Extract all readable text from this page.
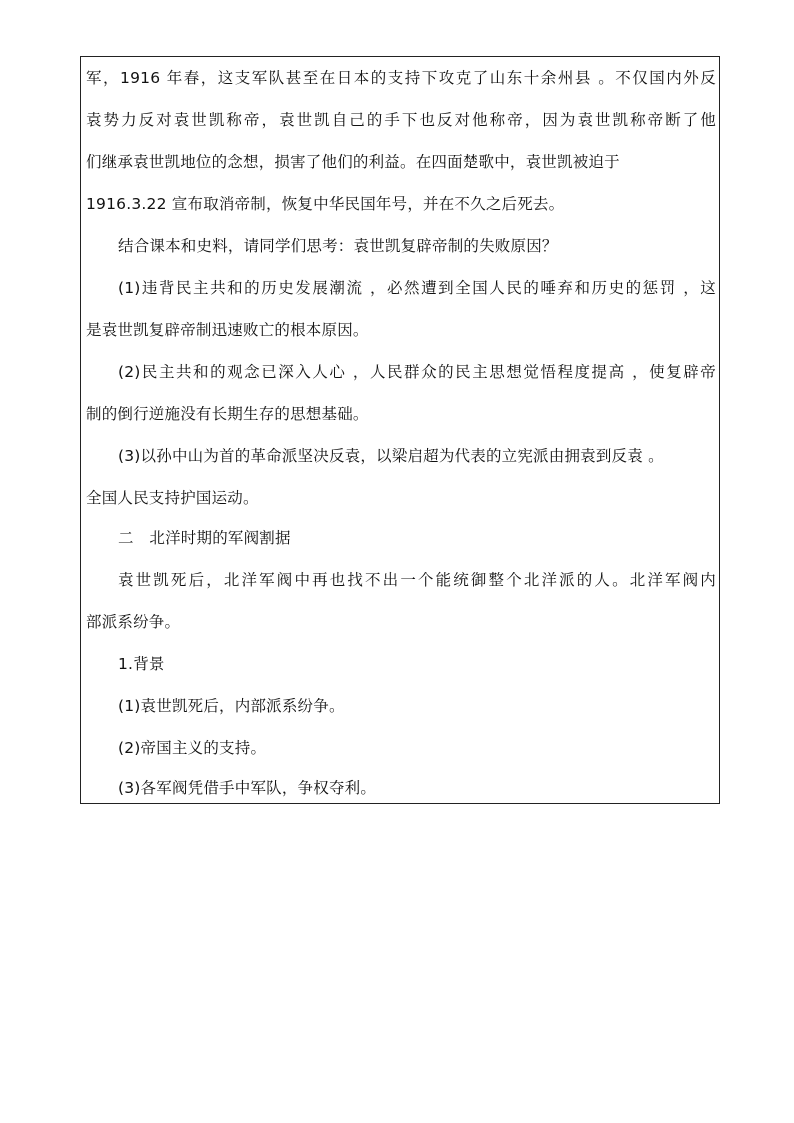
军，1916 年春，这支军队甚至在日本的支持下攻克了山东十余州县 。不仅国内外反
袁势力反对袁世凯称帝，袁世凯自己的手下也反对他称帝，因为袁世凯称帝断了他
们继承袁世凯地位的念想，损害了他们的利益。在四面楚歌中，袁世凯被迫于
1916.3.22 宣布取消帝制，恢复中华民国年号，并在不久之后死去。
结合课本和史料，请同学们思考：袁世凯复辟帝制的失败原因？
(1)违背民主共和的历史发展潮流 ，必然遭到全国人民的唾弃和历史的惩罚 ，这
是袁世凯复辟帝制迅速败亡的根本原因。
(2)民主共和的观念已深入人心 ，人民群众的民主思想觉悟程度提高 ，使复辟帝
制的倒行逆施没有长期生存的思想基础。
(3)以孙中山为首的革命派坚决反袁，以梁启超为代表的立宪派由拥袁到反袁 。
全国人民支持护国运动。
二　北洋时期的军阀割据
袁世凯死后，北洋军阀中再也找不出一个能统御整个北洋派的人。北洋军阀内
部派系纷争。
1.背景
(1)袁世凯死后，内部派系纷争。
(2)帝国主义的支持。
(3)各军阀凭借手中军队，争权夺利。
